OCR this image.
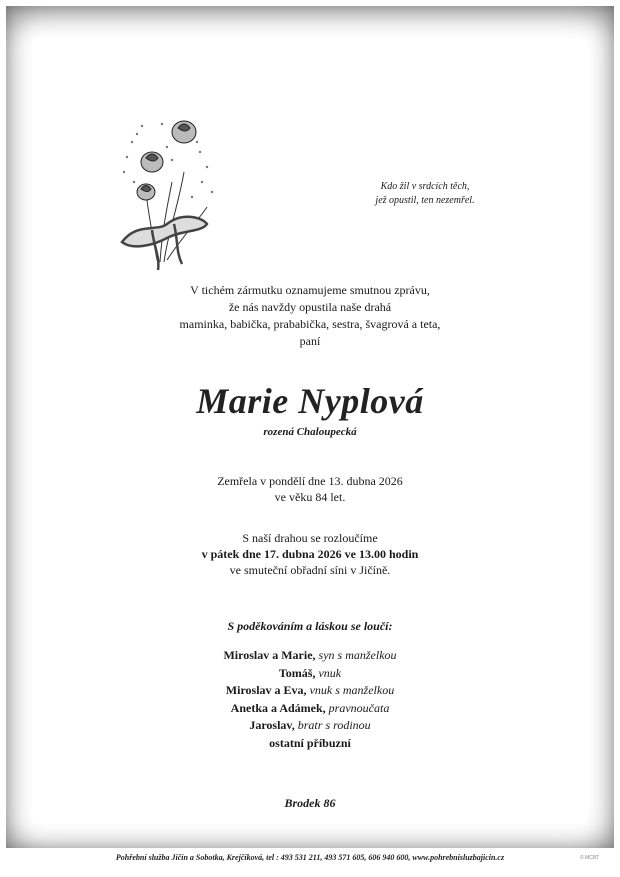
Kdo žil v srdcích těch,
jež opustil, ten nezemřel.
V tichém zármutku oznamujeme smutnou zprávu,
že nás navždy opustila naše drahá
maminka, babička, prababička, sestra, švagrová a teta,
paní
Marie Nyplová
rozená Chaloupecká
Zemřela v pondělí dne 13. dubna 2026
ve věku 84 let.
S naší drahou se rozloučíme
v pátek dne 17. dubna 2026 ve 13.00 hodin
ve smuteční obřadní síni v Jičíně.
S poděkováním a láskou se loučí:
Miroslav a Marie, syn s manželkou
Tomáš, vnuk
Miroslav a Eva, vnuk s manželkou
Anetka a Adámek, pravnoučata
Jaroslav, bratr s rodinou
ostatní příbuzní
Brodek 86
Pohřební služba Jičín a Sobotka, Krejčíková, tel : 493 531 211, 493 571 605, 606 940 600, www.pohrebnisluzbajicin.cz	© MCBT
